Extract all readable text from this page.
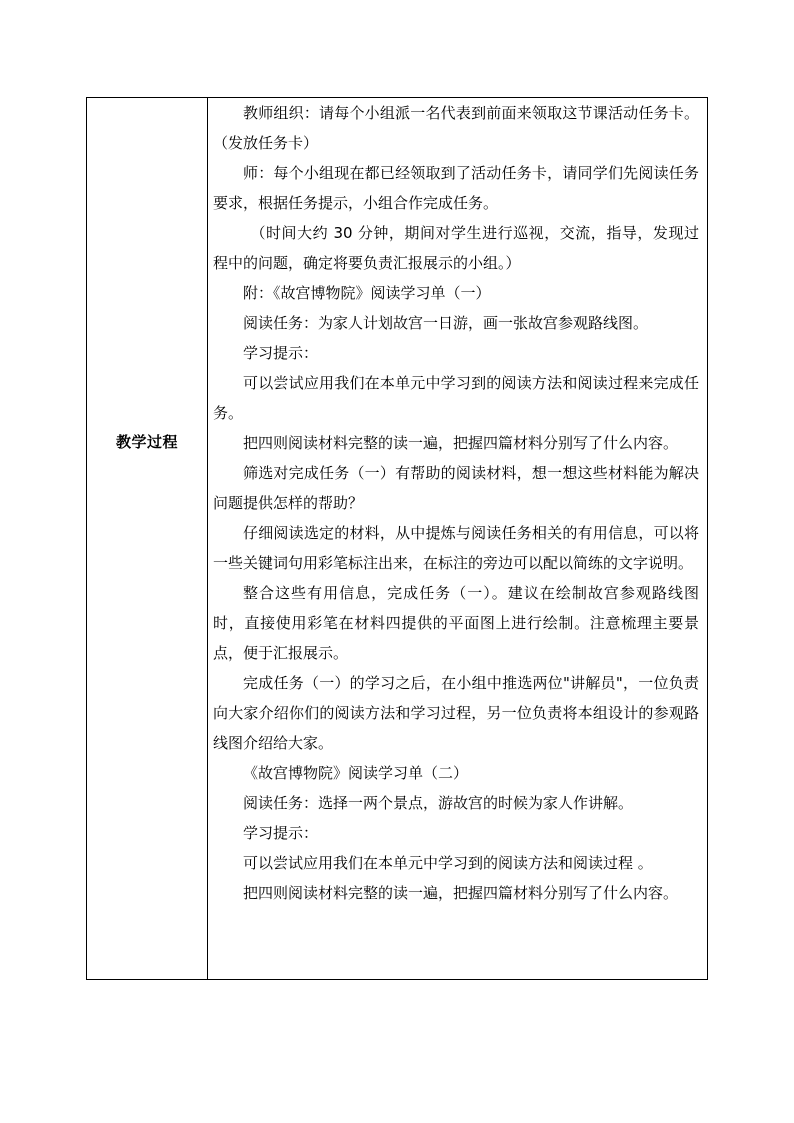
教学过程

教师组织：请每个小组派一名代表到前面来领取这节课活动任务卡。（发放任务卡）

师：每个小组现在都已经领取到了活动任务卡，请同学们先阅读任务要求，根据任务提示，小组合作完成任务。

（时间大约 30 分钟，期间对学生进行巡视，交流，指导，发现过程中的问题，确定将要负责汇报展示的小组。）

附：《故宫博物院》阅读学习单（一）

阅读任务：为家人计划故宫一日游，画一张故宫参观路线图。

学习提示：

可以尝试应用我们在本单元中学习到的阅读方法和阅读过程来完成任务。

把四则阅读材料完整的读一遍，把握四篇材料分别写了什么内容。

筛选对完成任务（一）有帮助的阅读材料，想一想这些材料能为解决问题提供怎样的帮助？

仔细阅读选定的材料，从中提炼与阅读任务相关的有用信息，可以将一些关键词句用彩笔标注出来，在标注的旁边可以配以简练的文字说明。

整合这些有用信息，完成任务（一）。建议在绘制故宫参观路线图时，直接使用彩笔在材料四提供的平面图上进行绘制。注意梳理主要景点，便于汇报展示。

完成任务（一）的学习之后，在小组中推选两位"讲解员"，一位负责向大家介绍你们的阅读方法和学习过程，另一位负责将本组设计的参观路线图介绍给大家。

《故宫博物院》阅读学习单（二）

阅读任务：选择一两个景点，游故宫的时候为家人作讲解。

学习提示：

可以尝试应用我们在本单元中学习到的阅读方法和阅读过程 。

把四则阅读材料完整的读一遍，把握四篇材料分别写了什么内容。
